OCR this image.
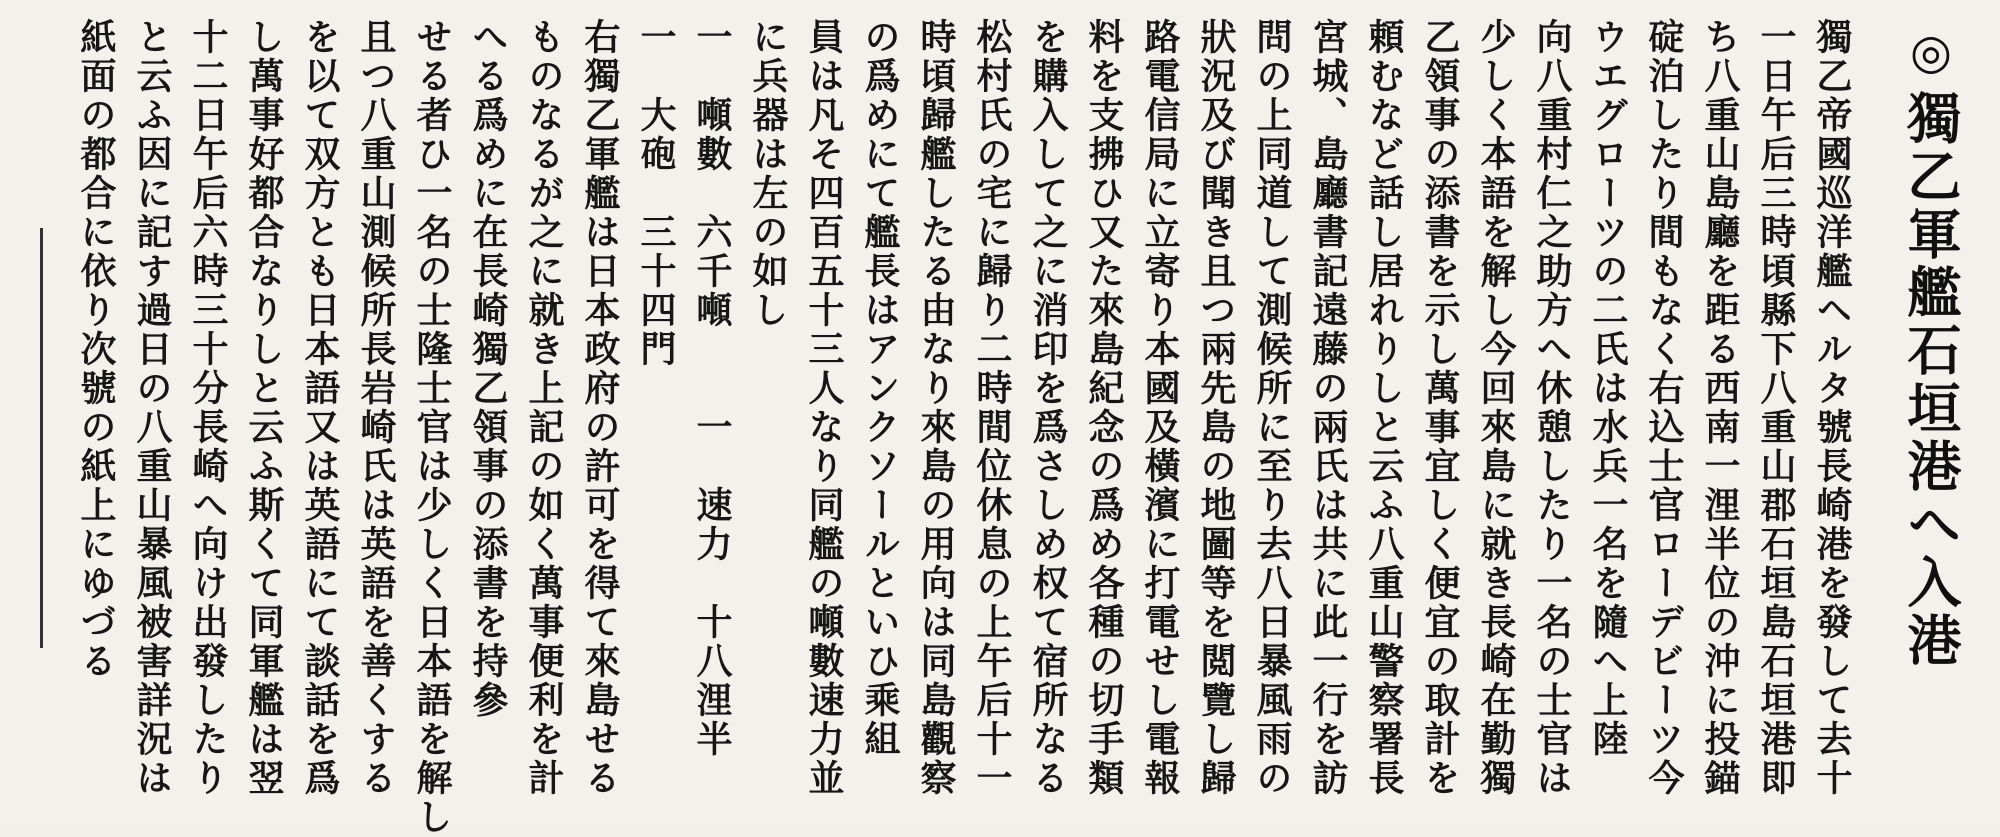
◎獨乙軍艦石垣港へ入港
獨乙帝國巡洋艦ヘルタ號長崎港を發して去十
一日午后三時頃縣下八重山郡石垣島石垣港即
ち八重山島廳を距る西南一浬半位の沖に投錨
碇泊したり間もなく右込士官ローデビーツ今
ウエグローツの二氏は水兵一名を隨へ上陸
向八重村仁之助方へ休憩したり一名の士官は
少しく本語を解し今回來島に就き長崎在勤獨
乙領事の添書を示し萬事宜しく便宜の取計を
頼むなど話し居れりしと云ふ八重山警察署長
宮城、島廳書記遠藤の兩氏は共に此一行を訪
問の上同道して測候所に至り去八日暴風雨の
狀況及び聞き且つ兩先島の地圖等を閲覽し歸
路電信局に立寄り本國及橫濱に打電せし電報
料を支拂ひ又た來島紀念の爲め各種の切手類
を購入して之に消印を爲さしめ权て宿所なる
松村氏の宅に歸り二時間位休息の上午后十一
時頃歸艦したる由なり來島の用向は同島觀察
の爲めにて艦長はアンクソールといひ乘組
員は凡そ四百五十三人なり同艦の噸數速力並
に兵器は左の如し
一　噸數　六千噸　　一　速力　十八浬半
一　大砲　三十四門
右獨乙軍艦は日本政府の許可を得て來島せる
ものなるが之に就き上記の如く萬事便利を計
へる爲めに在長崎獨乙領事の添書を持參
せる者ひ一名の士隆士官は少しく日本語を解し
且つ八重山測候所長岩崎氏は英語を善くする
を以て双方とも日本語又は英語にて談話を爲
し萬事好都合なりしと云ふ斯くて同軍艦は翌
十二日午后六時三十分長崎へ向け出發したり
と云ふ因に記す過日の八重山暴風被害詳況は
紙面の都合に依り次號の紙上にゆづる
